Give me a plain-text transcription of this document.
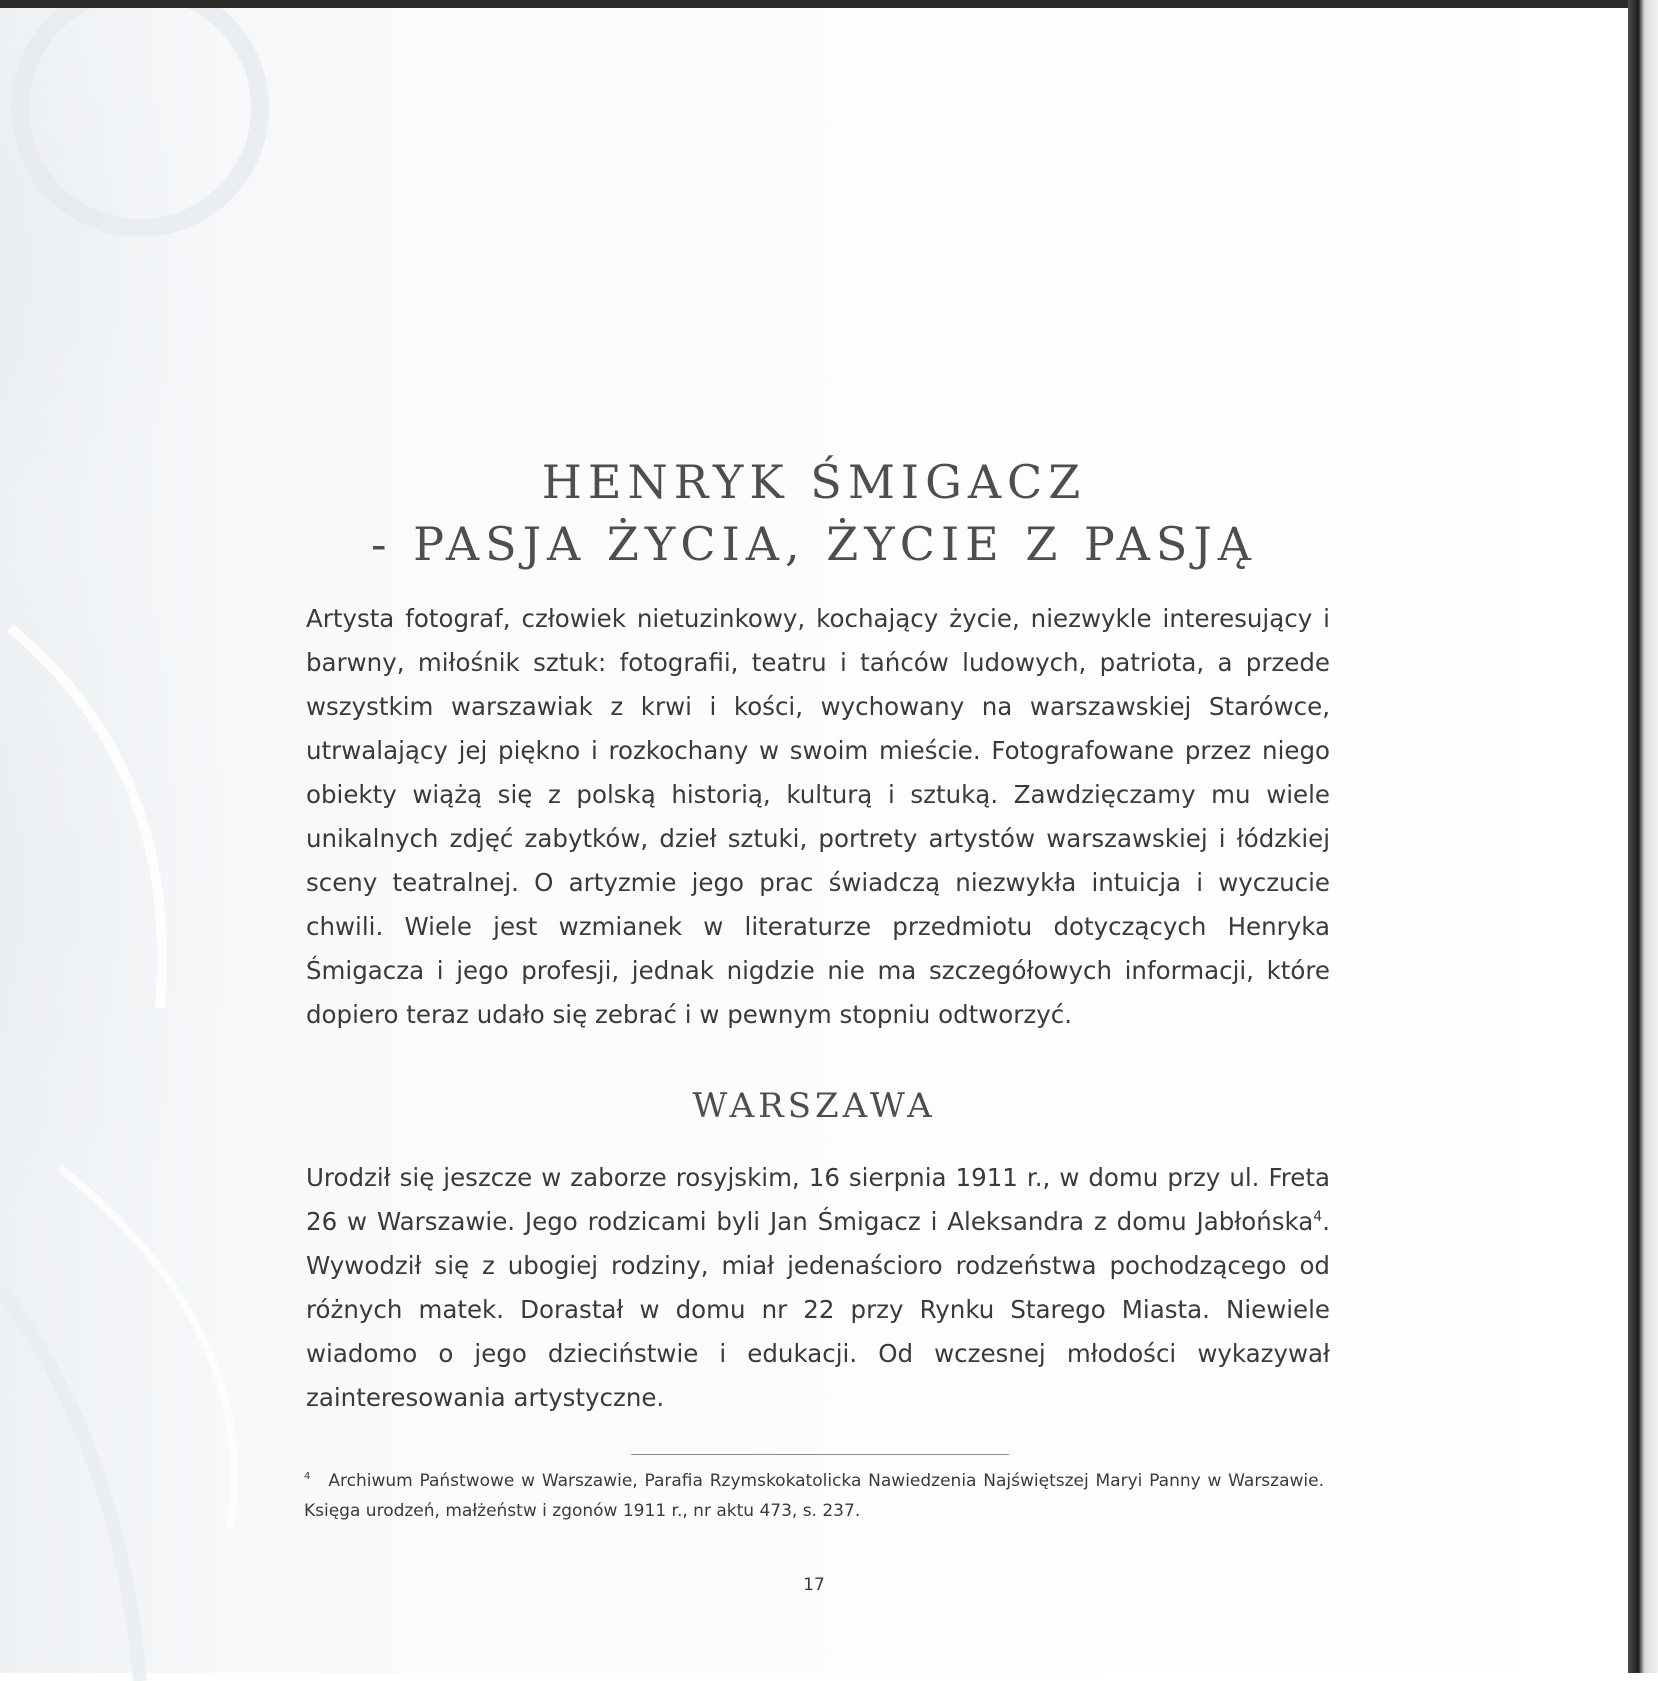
HENRYK ŚMIGACZ
- PASJA ŻYCIA, ŻYCIE Z PASJĄ

Artysta fotograf, człowiek nietuzinkowy, kochający życie, niezwykle interesujący i barwny, miłośnik sztuk: fotografii, teatru i tańców ludowych, patriota, a przede wszystkim warszawiak z krwi i kości, wychowany na warszawskiej Starówce, utrwalający jej piękno i rozkochany w swoim mieście. Fotografowane przez niego obiekty wiążą się z polską historią, kulturą i sztuką. Zawdzięczamy mu wiele unikalnych zdjęć zabytków, dzieł sztuki, portrety artystów warszawskiej i łódzkiej sceny teatralnej. O artyzmie jego prac świadczą niezwykła intuicja i wyczucie chwili. Wiele jest wzmianek w literaturze przedmiotu dotyczących Henryka Śmigacza i jego profesji, jednak nigdzie nie ma szczegółowych informacji, które dopiero teraz udało się zebrać i w pewnym stopniu odtworzyć.

WARSZAWA

Urodził się jeszcze w zaborze rosyjskim, 16 sierpnia 1911 r., w domu przy ul. Freta 26 w Warszawie. Jego rodzicami byli Jan Śmigacz i Aleksandra z domu Jabłońska$^4$. Wywodził się z ubogiej rodziny, miał jedenaścioro rodzeństwa pochodzącego od różnych matek. Dorastał w domu nr 22 przy Rynku Starego Miasta. Niewiele wiadomo o jego dzieciństwie i edukacji. Od wczesnej młodości wykazywał zainteresowania artystyczne.

$^4$ Archiwum Państwowe w Warszawie, Parafia Rzymskokatolicka Nawiedzenia Najświętszej Maryi Panny w Warszawie. Księga urodzeń, małżeństw i zgonów 1911 r., nr aktu 473, s. 237.

17
